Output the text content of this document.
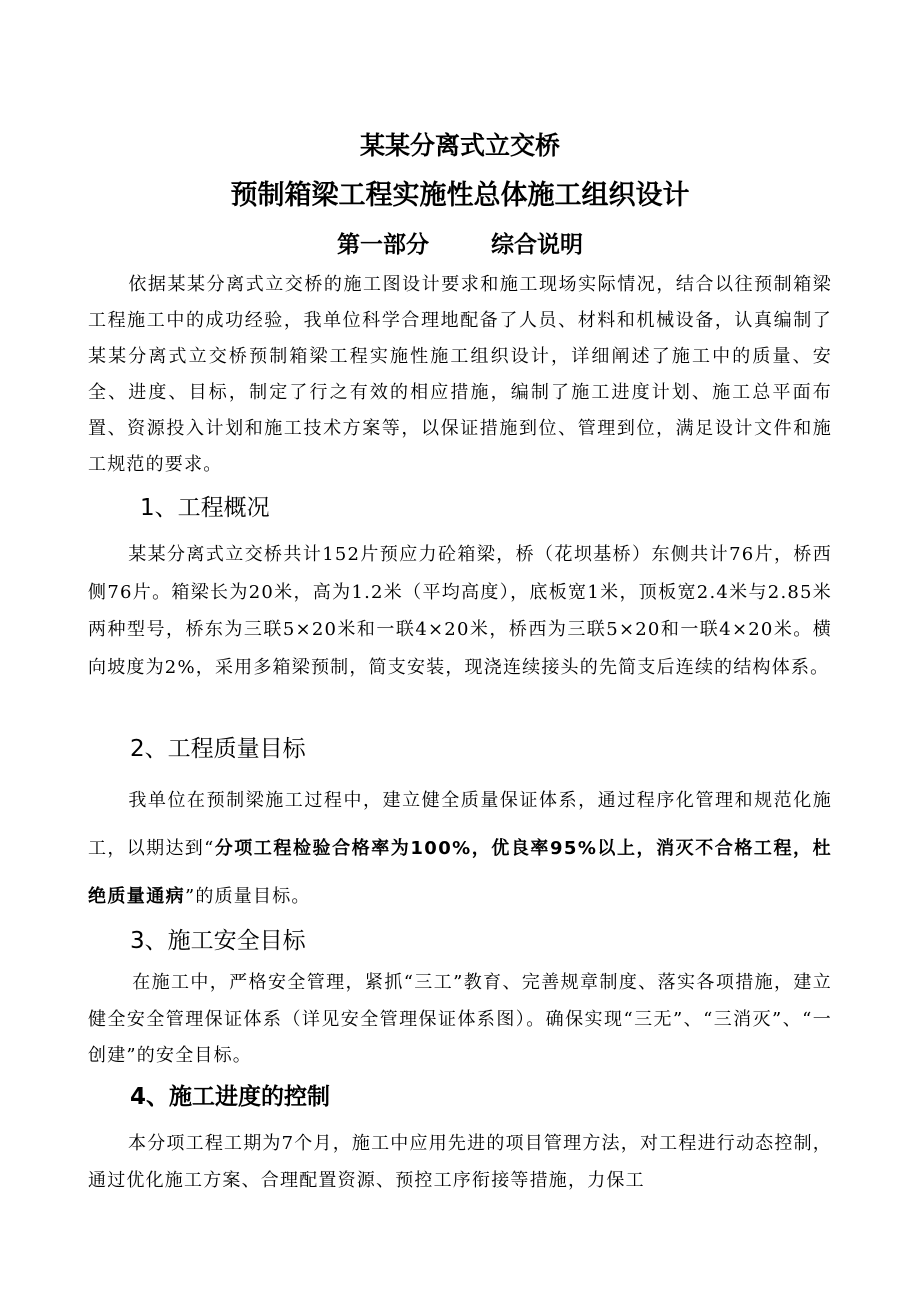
某某分离式立交桥
预制箱梁工程实施性总体施工组织设计
第一部分	综合说明
依据某某分离式立交桥的施工图设计要求和施工现场实际情况，结合以往预制箱梁工程施工中的成功经验，我单位科学合理地配备了人员、材料和机械设备，认真编制了某某分离式立交桥预制箱梁工程实施性施工组织设计，详细阐述了施工中的质量、安全、进度、目标，制定了行之有效的相应措施，编制了施工进度计划、施工总平面布置、资源投入计划和施工技术方案等，以保证措施到位、管理到位，满足设计文件和施工规范的要求。
1、工程概况
某某分离式立交桥共计152片预应力砼箱梁，桥（花坝基桥）东侧共计76片，桥西侧76片。箱梁长为20米，高为1.2米（平均高度），底板宽1米，顶板宽2.4米与2.85米两种型号，桥东为三联5×20米和一联4×20米，桥西为三联5×20和一联4×20米。横向坡度为2%，采用多箱梁预制，简支安装，现浇连续接头的先简支后连续的结构体系。
2、工程质量目标
我单位在预制梁施工过程中，建立健全质量保证体系，通过程序化管理和规范化施工，以期达到“分项工程检验合格率为100%，优良率95%以上，消灭不合格工程，杜绝质量通病”的质量目标。
3、施工安全目标
在施工中，严格安全管理，紧抓“三工”教育、完善规章制度、落实各项措施，建立健全安全管理保证体系（详见安全管理保证体系图）。确保实现“三无”、“三消灭”、“一创建”的安全目标。
4、施工进度的控制
本分项工程工期为7个月，施工中应用先进的项目管理方法，对工程进行动态控制，通过优化施工方案、合理配置资源、预控工序衔接等措施，力保工
